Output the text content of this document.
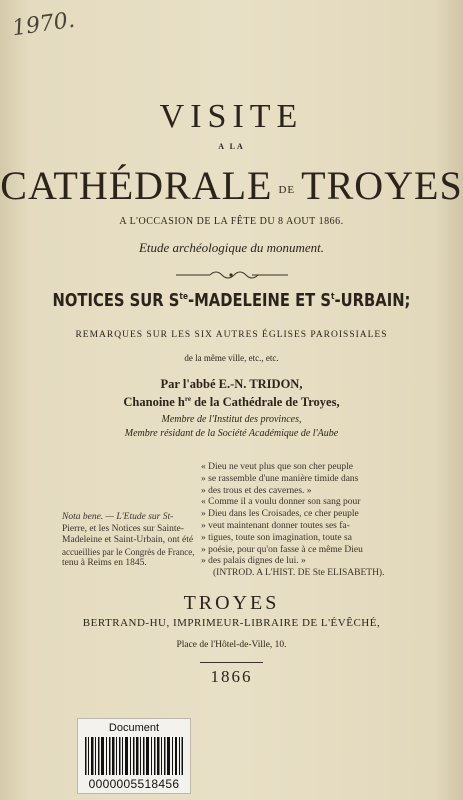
1970.
VISITE
A LA
CATHÉDRALE DE TROYES
A L'OCCASION DE LA FÊTE DU 8 AOUT 1866.
Etude archéologique du monument.
NOTICES SUR $S^{te}$-MADELEINE ET $S^t$-URBAIN;
REMARQUES SUR LES SIX AUTRES ÉGLISES PAROISSIALES
de la même ville, etc., etc.
Par l'abbé E.-N. TRIDON,
Chanoine $h^{re}$ de la Cathédrale de Troyes,
Membre de l'Institut des provinces,
Membre résidant de la Société Académique de l'Aube
« Dieu ne veut plus que son cher peuple
» se rassemble d'une manière timide dans
» des trous et des cavernes. »
« Comme il a voulu donner son sang pour
» Dieu dans les Croisades, ce cher peuple
» veut maintenant donner toutes ses fa-
» tigues, toute son imagination, toute sa
» poésie, pour qu'on fasse à ce même Dieu
» des palais dignes de lui. »
(INTROD. A L'HIST. DE Ste ELISABETH).
Nota bene. — L'Etude sur St-
Pierre, et les Notices sur Sainte-
Madeleine et Saint-Urbain, ont été
accueillies par le Congrès de France,
tenu à Reims en 1845.
TROYES
BERTRAND-HU, IMPRIMEUR-LIBRAIRE DE L'ÉVÊCHÉ,
Place de l'Hôtel-de-Ville, 10.
1866
Document
0000005518456
